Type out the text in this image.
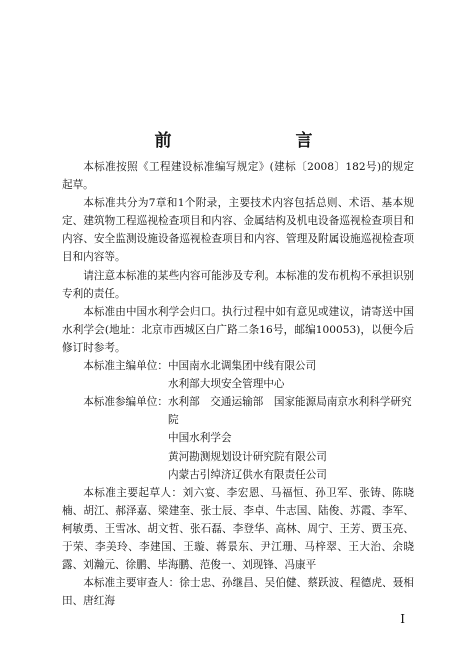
前　　言

本标准按照《工程建设标准编写规定》(建标〔2008〕182号)的规定起草。

本标准共分为7章和1个附录，主要技术内容包括总则、术语、基本规定、建筑物工程巡视检查项目和内容、金属结构及机电设备巡视检查项目和内容、安全监测设施设备巡视检查项目和内容、管理及附属设施巡视检查项目和内容等。

请注意本标准的某些内容可能涉及专利。本标准的发布机构不承担识别专利的责任。

本标准由中国水利学会归口。执行过程中如有意见或建议，请寄送中国水利学会(地址：北京市西城区白广路二条16号，邮编100053)，以便今后修订时参考。

本标准主编单位： 中国南水北调集团中线有限公司

水利部大坝安全管理中心

本标准参编单位： 水利部　交通运输部　国家能源局南京水利科学研究院

中国水利学会

黄河勘测规划设计研究院有限公司

内蒙古引绰济辽供水有限责任公司

本标准主要起草人：刘六宴、李宏恩、马福恒、孙卫军、张铸、陈晓楠、胡江、郝泽嘉、梁建奎、张士辰、李卓、牛志国、陆俊、苏霞、李军、柯敏勇、王雪冰、胡文哲、张石磊、李登华、高林、周宁、王芳、贾玉亮、于荣、李美玲、李建国、王璇、蒋景东、尹江珊、马梓翠、王大治、余晓露、刘瀚元、徐鹏、毕海鹏、范俊一、刘现锋、冯康平

本标准主要审查人：徐士忠、孙继昌、吴伯健、蔡跃波、程德虎、聂相田、唐红海

I
